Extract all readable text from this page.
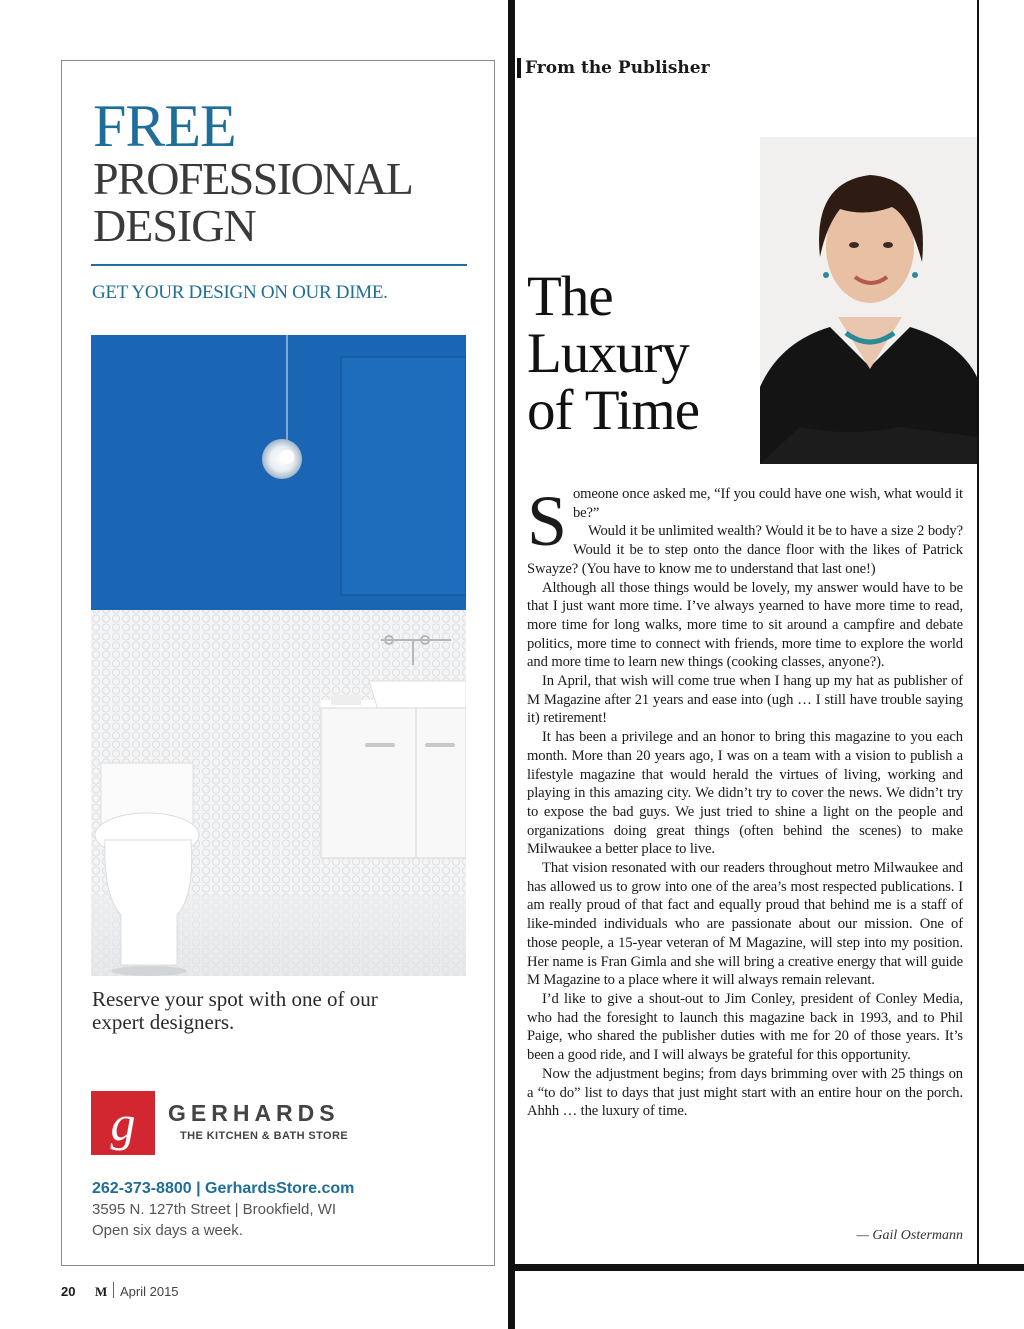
FREE
PROFESSIONAL
DESIGN
GET YOUR DESIGN ON OUR DIME.
Reserve your spot with one of our expert designers.
g	GERHARDS
THE KITCHEN & BATH STORE
262-373-8800 | GerhardsStore.com
3595 N. 127th Street | Brookfield, WI
Open six days a week.
20 M April 2015
From the Publisher
The
Luxury
of Time

Someone once asked me, “If you could have one wish, what would it be?”

Would it be unlimited wealth? Would it be to have a size 2 body? Would it be to step onto the dance floor with the likes of Patrick Swayze? (You have to know me to understand that last one!)

Although all those things would be lovely, my answer would have to be that I just want more time. I’ve always yearned to have more time to read, more time for long walks, more time to sit around a campfire and debate politics, more time to connect with friends, more time to explore the world and more time to learn new things (cooking classes, anyone?).

In April, that wish will come true when I hang up my hat as publisher of M Magazine after 21 years and ease into (ugh … I still have trouble saying it) retirement!

It has been a privilege and an honor to bring this magazine to you each month. More than 20 years ago, I was on a team with a vision to publish a lifestyle magazine that would herald the virtues of living, working and playing in this amazing city. We didn’t try to cover the news. We didn’t try to expose the bad guys. We just tried to shine a light on the people and organizations doing great things (often behind the scenes) to make Milwaukee a better place to live.

That vision resonated with our readers throughout metro Milwaukee and has allowed us to grow into one of the area’s most respected publications. I am really proud of that fact and equally proud that behind me is a staff of like-minded individuals who are passionate about our mission. One of those people, a 15-year veteran of M Magazine, will step into my position. Her name is Fran Gimla and she will bring a creative energy that will guide M Magazine to a place where it will always remain relevant.

I’d like to give a shout-out to Jim Conley, president of Conley Media, who had the foresight to launch this magazine back in 1993, and to Phil Paige, who shared the publisher duties with me for 20 of those years. It’s been a good ride, and I will always be grateful for this opportunity.

Now the adjustment begins; from days brimming over with 25 things on a “to do” list to days that just might start with an entire hour on the porch. Ahhh … the luxury of time.

— Gail Ostermann
